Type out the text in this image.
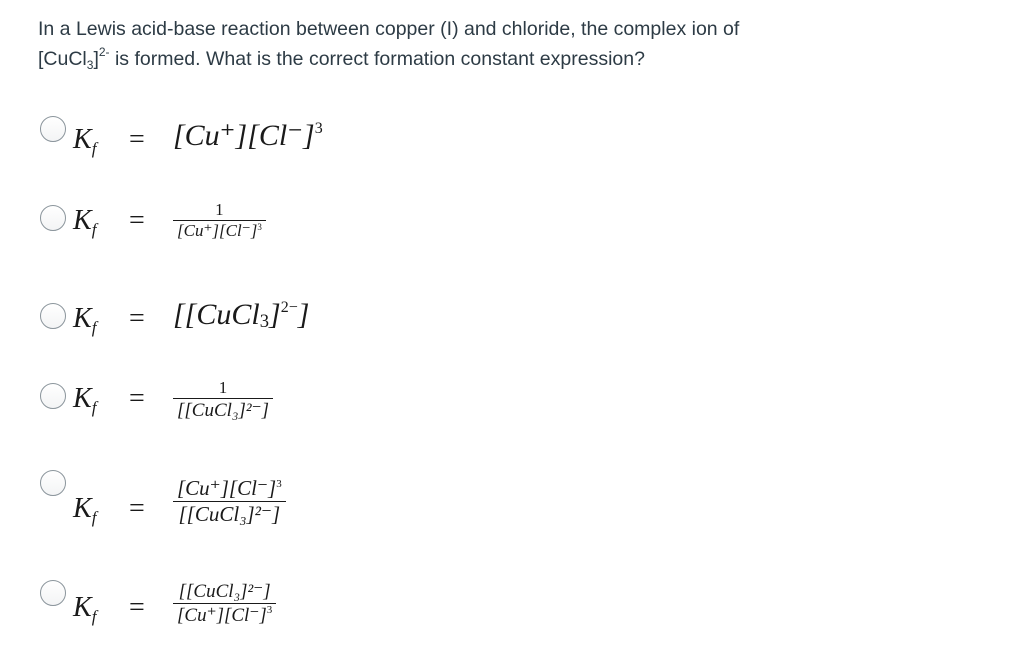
In a Lewis acid-base reaction between copper (I) and chloride, the complex ion of
[CuCl$_3$]$^{2-}$ is formed. What is the correct formation constant expression?
$K_f = [Cu^+][Cl^-]^3$
$K_f$ =	1
$[Cu^+][Cl^-]^3$
$K_f$ = [[CuCl$_3$]$^{2-}$]
$K_f$ =	1
[[CuCl₃]²⁻]
$K_f$ =
$[Cu^+][Cl^-]^3$
[[CuCl₃]²⁻]
$K_f$ =
[[CuCl₃]²⁻]
$[Cu^+][Cl^-]^3$
